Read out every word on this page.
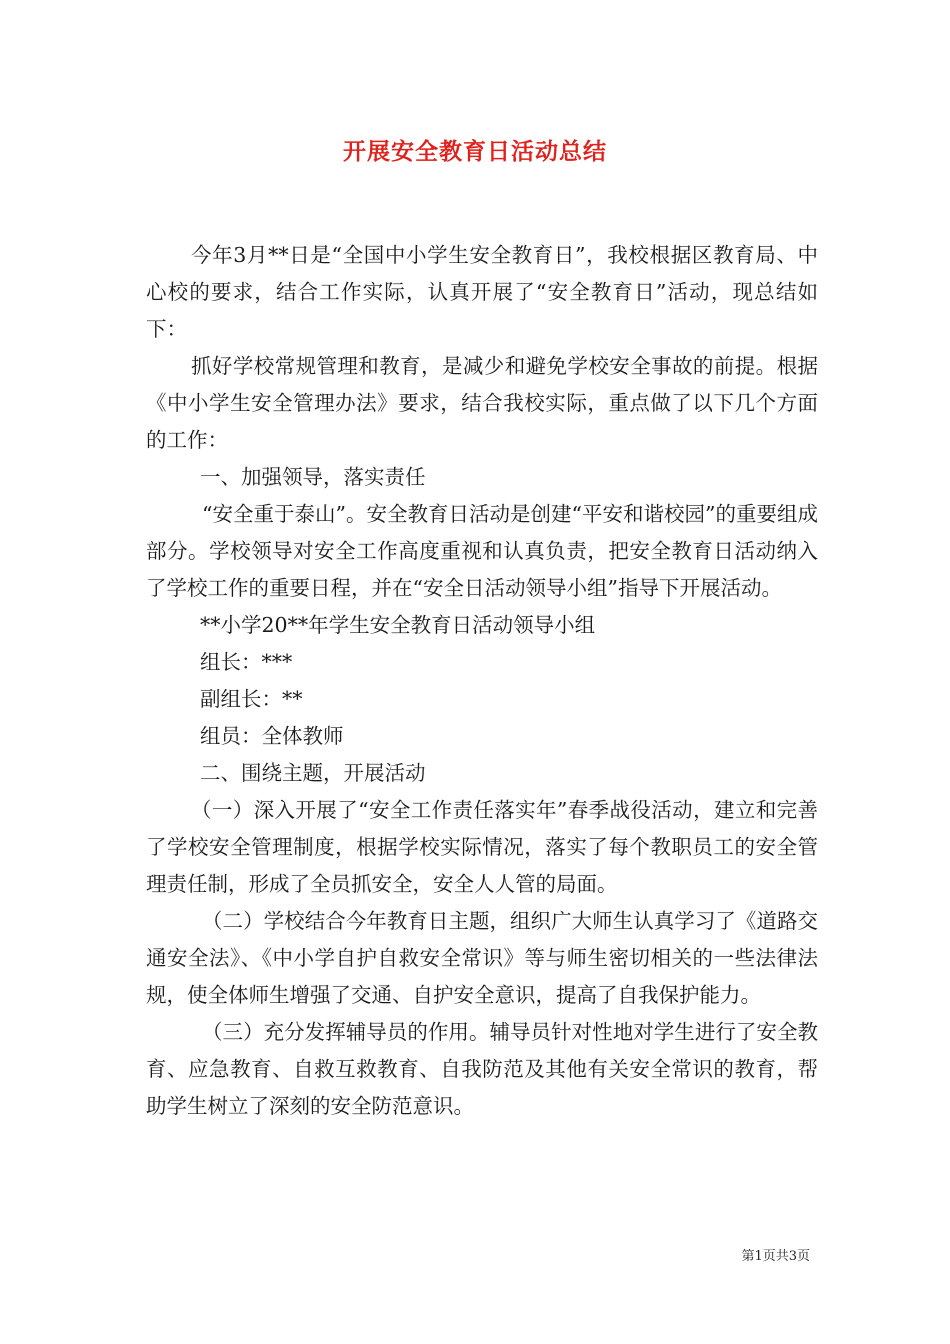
开展安全教育日活动总结

今年3月**日是“全国中小学生安全教育日”，我校根据区教育局、中心校的要求，结合工作实际，认真开展了“安全教育日”活动，现总结如下：

抓好学校常规管理和教育，是减少和避免学校安全事故的前提。根据《中小学生安全管理办法》要求，结合我校实际，重点做了以下几个方面的工作：

一、加强领导，落实责任

“安全重于泰山”。安全教育日活动是创建“平安和谐校园”的重要组成部分。学校领导对安全工作高度重视和认真负责，把安全教育日活动纳入了学校工作的重要日程，并在“安全日活动领导小组”指导下开展活动。

**小学20**年学生安全教育日活动领导小组

组长：***

副组长：**

组员：全体教师

二、围绕主题，开展活动

（一）深入开展了“安全工作责任落实年”春季战役活动，建立和完善了学校安全管理制度，根据学校实际情况，落实了每个教职员工的安全管理责任制，形成了全员抓安全，安全人人管的局面。

（二）学校结合今年教育日主题，组织广大师生认真学习了《道路交通安全法》、《中小学自护自救安全常识》等与师生密切相关的一些法律法规，使全体师生增强了交通、自护安全意识，提高了自我保护能力。

（三）充分发挥辅导员的作用。辅导员针对性地对学生进行了安全教育、应急教育、自救互救教育、自我防范及其他有关安全常识的教育，帮助学生树立了深刻的安全防范意识。

第1页共3页
